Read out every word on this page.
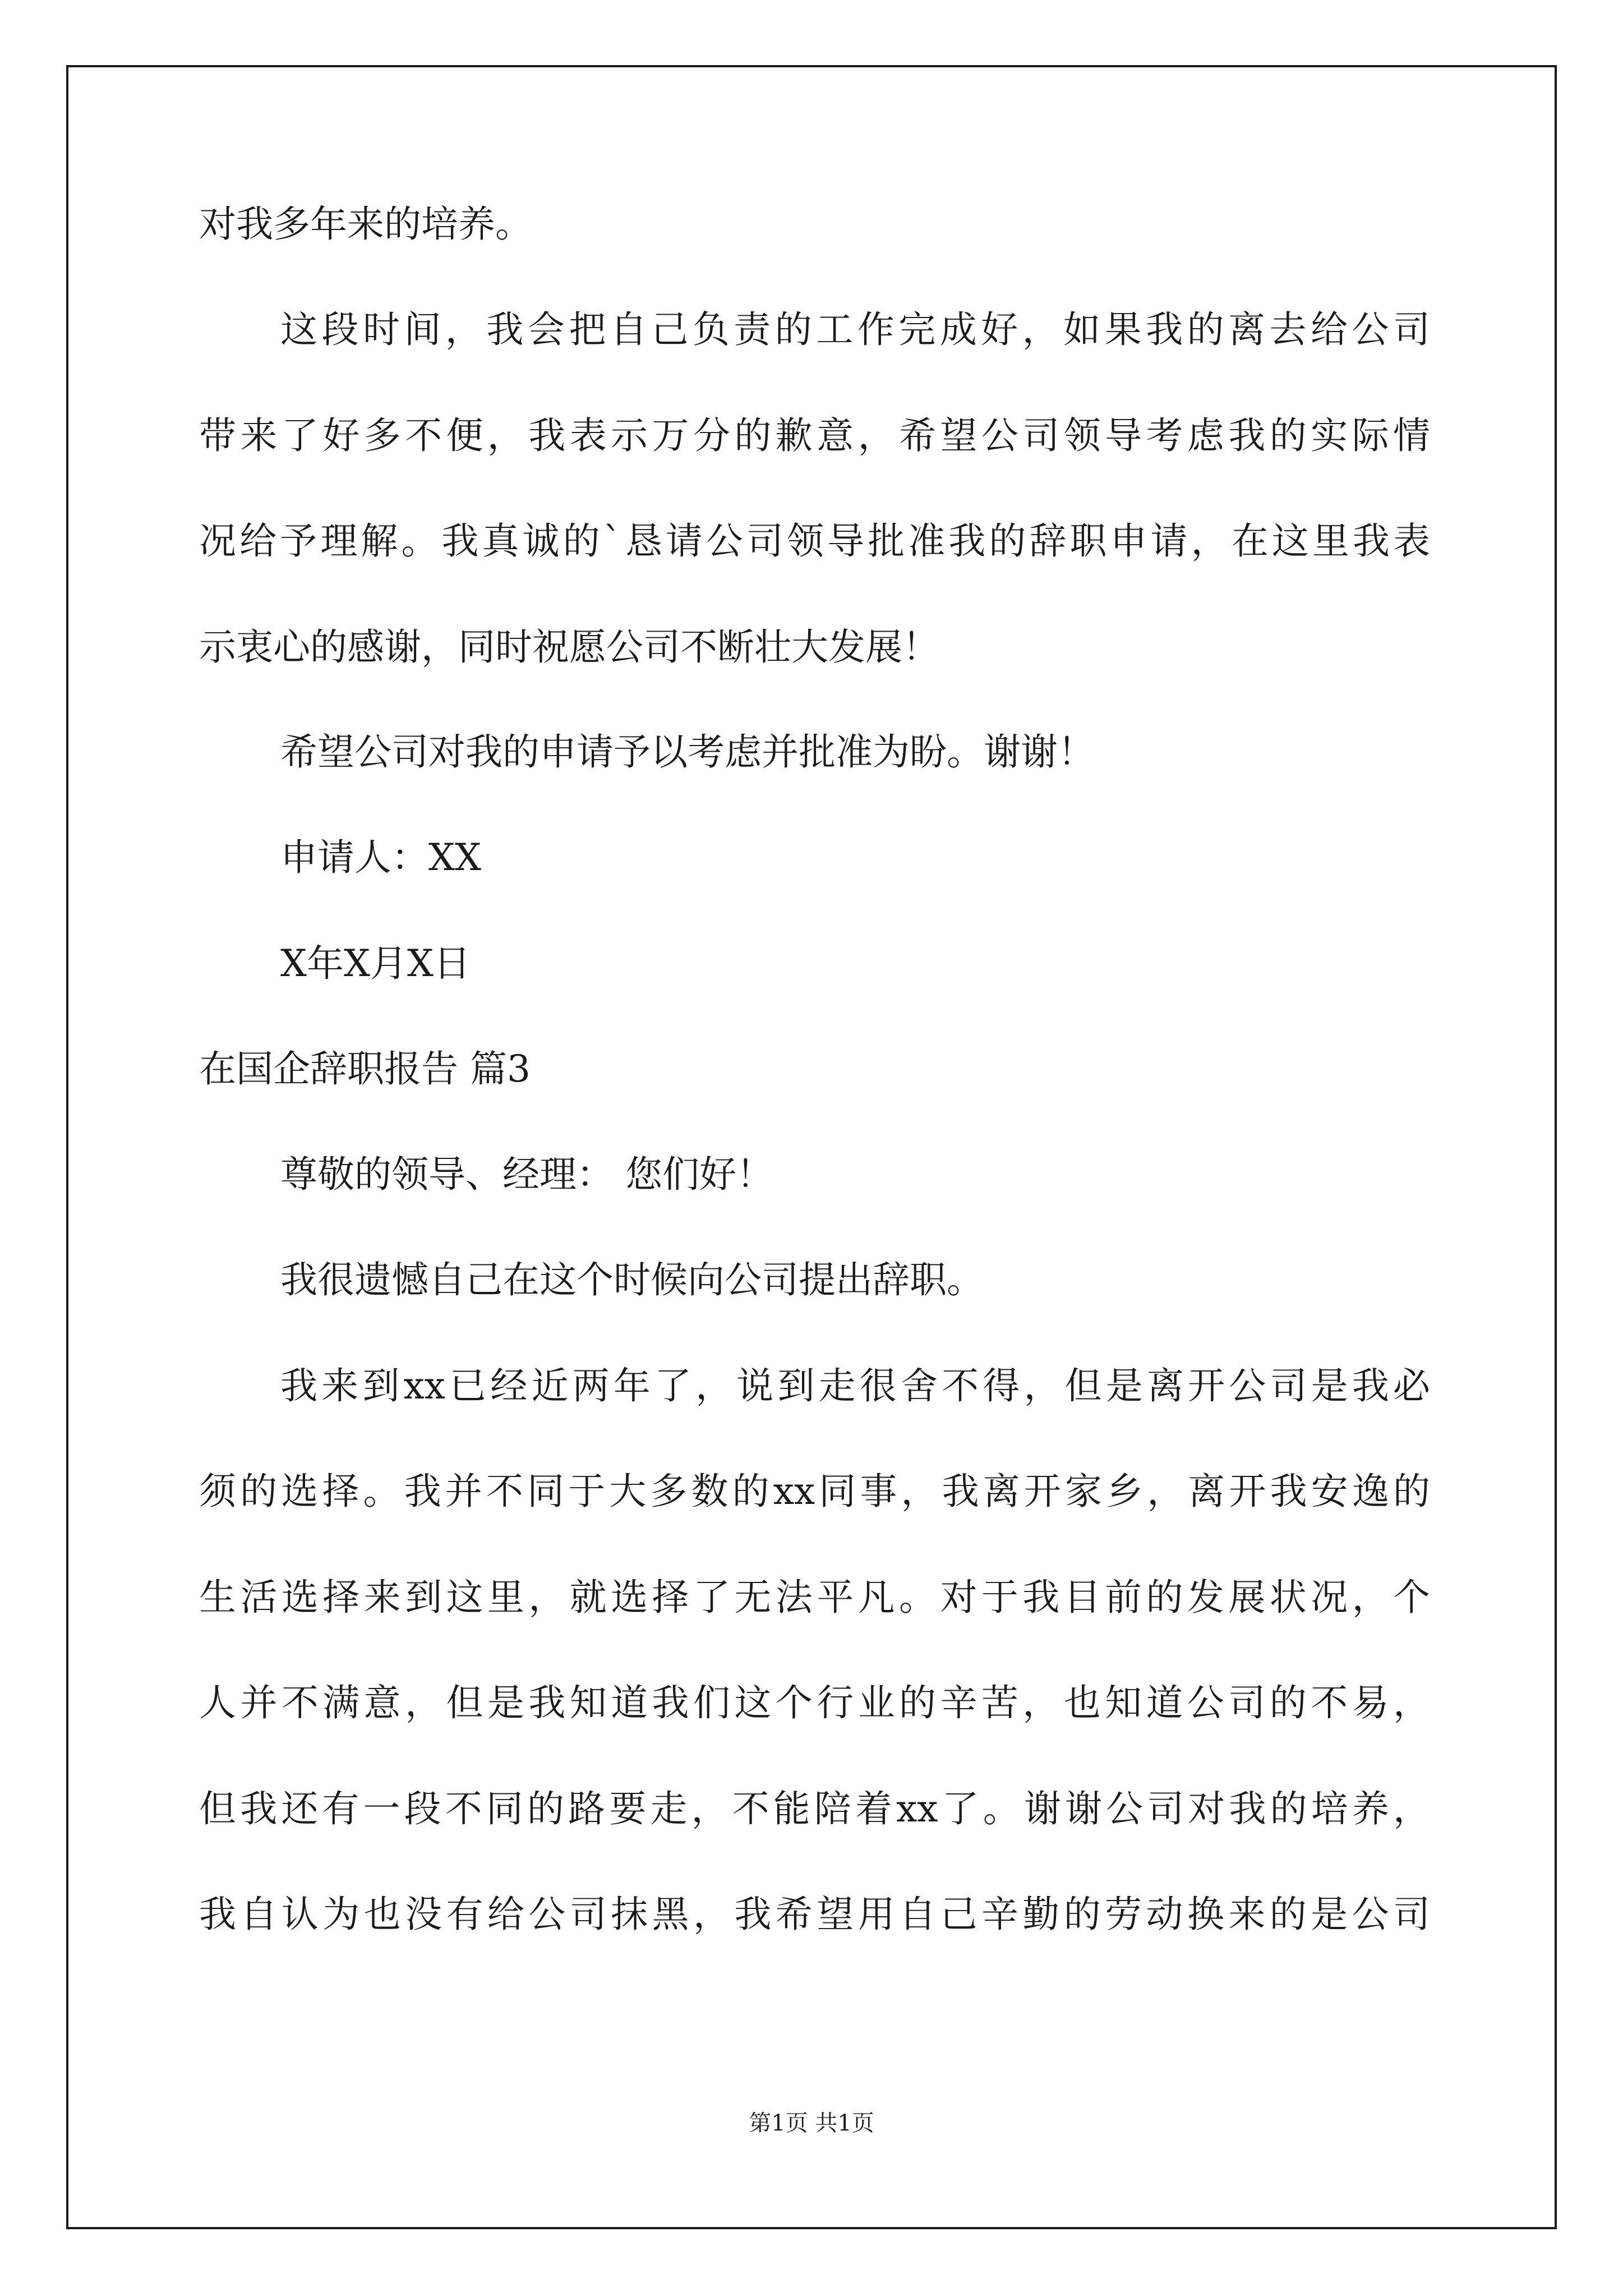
对我多年来的培养。

这段时间，我会把自己负责的工作完成好，如果我的离去给公司

带来了好多不便，我表示万分的歉意，希望公司领导考虑我的实际情

况给予理解。我真诚的`恳请公司领导批准我的辞职申请，在这里我表

示衷心的感谢，同时祝愿公司不断壮大发展！

希望公司对我的申请予以考虑并批准为盼。谢谢！

申请人：XX

X年X月X日

在国企辞职报告 篇3

尊敬的领导、经理： 您们好！

我很遗憾自己在这个时候向公司提出辞职。

我来到xx已经近两年了，说到走很舍不得，但是离开公司是我必

须的选择。我并不同于大多数的xx同事，我离开家乡，离开我安逸的

生活选择来到这里，就选择了无法平凡。对于我目前的发展状况，个

人并不满意，但是我知道我们这个行业的辛苦，也知道公司的不易，

但我还有一段不同的路要走，不能陪着xx了。谢谢公司对我的培养，

我自认为也没有给公司抹黑，我希望用自己辛勤的劳动换来的是公司

第1页 共1页
